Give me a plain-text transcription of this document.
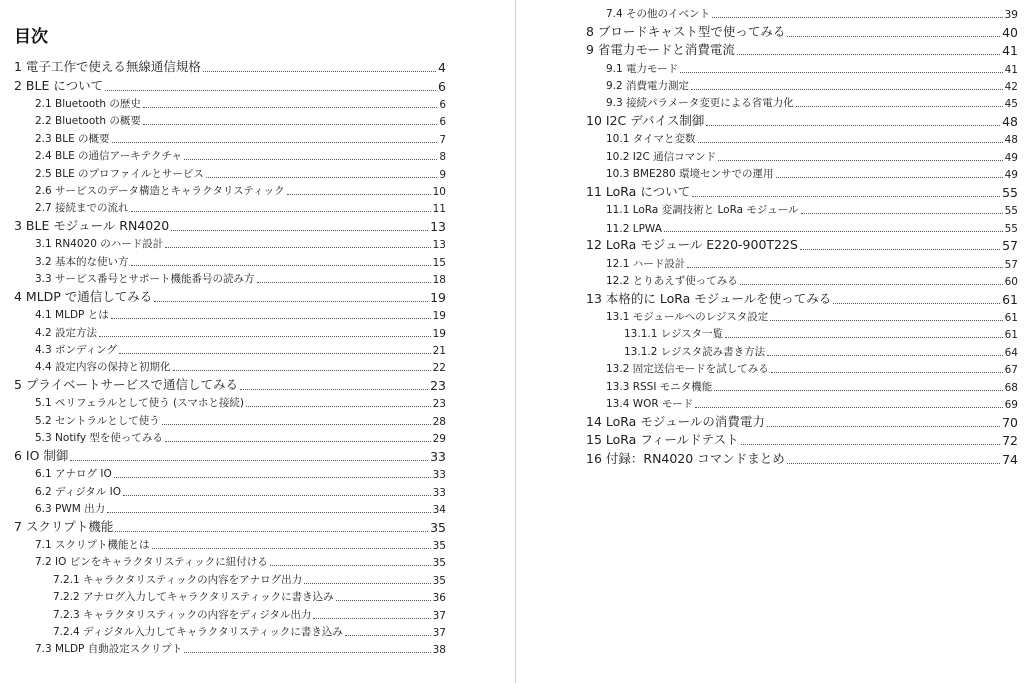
目次
1 電子工作で使える無線通信規格	4
2 BLE について	6
2.1 Bluetooth の歴史	6
2.2 Bluetooth の概要	6
2.3 BLE の概要	7
2.4 BLE の通信アーキテクチャ	8
2.5 BLE のプロファイルとサービス	9
2.6 サービスのデータ構造とキャラクタリスティック	10
2.7 接続までの流れ	11
3 BLE モジュール RN4020	13
3.1 RN4020 のハード設計	13
3.2 基本的な使い方	15
3.3 サービス番号とサポート機能番号の読み方	18
4 MLDP で通信してみる	19
4.1 MLDP とは	19
4.2 設定方法	19
4.3 ボンディング	21
4.4 設定内容の保持と初期化	22
5 プライベートサービスで通信してみる	23
5.1 ペリフェラルとして使う (スマホと接続)	23
5.2 セントラルとして使う	28
5.3 Notify 型を使ってみる	29
6 IO 制御	33
6.1 アナログ IO	33
6.2 ディジタル IO	33
6.3 PWM 出力	34
7 スクリプト機能	35
7.1 スクリプト機能とは	35
7.2 IO ピンをキャラクタリスティックに紐付ける	35
7.2.1 キャラクタリスティックの内容をアナログ出力	35
7.2.2 アナログ入力してキャラクタリスティックに書き込み	36
7.2.3 キャラクタリスティックの内容をディジタル出力	37
7.2.4 ディジタル入力してキャラクタリスティックに書き込み	37
7.3 MLDP 自動設定スクリプト	38
7.4 その他のイベント	39
8 ブロードキャスト型で使ってみる	40
9 省電力モードと消費電流	41
9.1 電力モード	41
9.2 消費電力測定	42
9.3 接続パラメータ変更による省電力化	45
10 I2C デバイス制御	48
10.1 タイマと変数	48
10.2 I2C 通信コマンド	49
10.3 BME280 環境センサでの運用	49
11 LoRa について	55
11.1 LoRa 変調技術と LoRa モジュール	55
11.2 LPWA	55
12 LoRa モジュール E220-900T22S	57
12.1 ハード設計	57
12.2 とりあえず使ってみる	60
13 本格的に LoRa モジュールを使ってみる	61
13.1 モジュールへのレジスタ設定	61
13.1.1 レジスタ一覧	61
13.1.2 レジスタ読み書き方法	64
13.2 固定送信モードを試してみる	67
13.3 RSSI モニタ機能	68
13.4 WOR モード	69
14 LoRa モジュールの消費電力	70
15 LoRa フィールドテスト	72
16 付録：RN4020 コマンドまとめ	74
